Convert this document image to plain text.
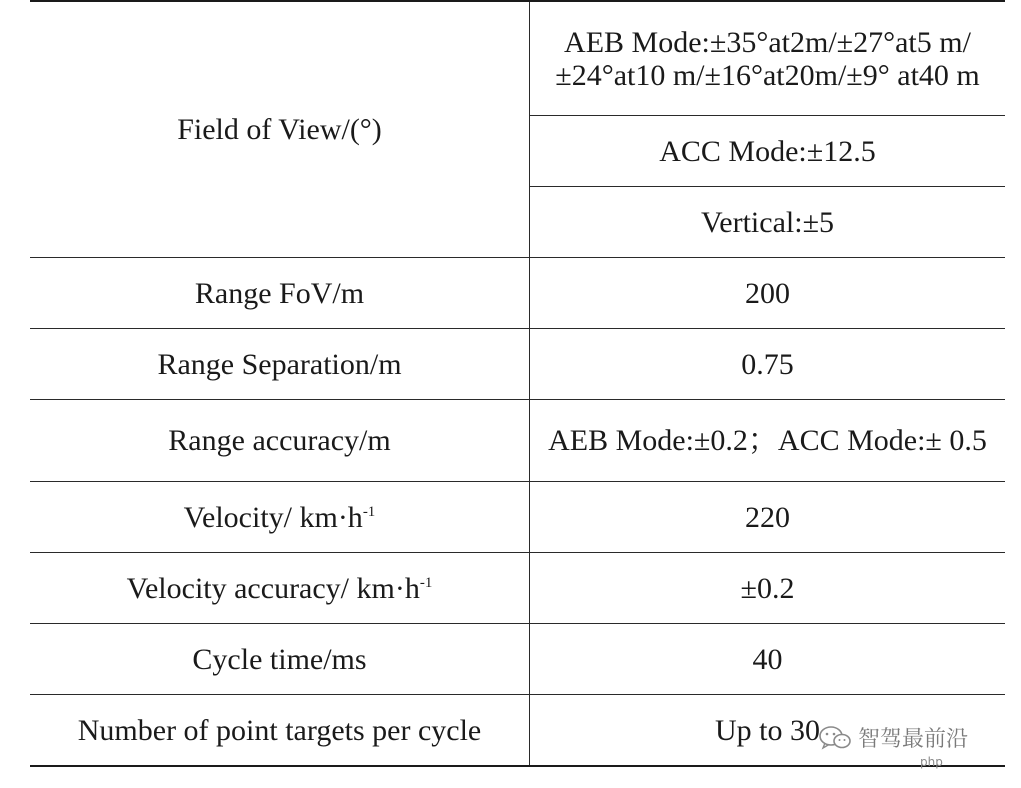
Field of View/(°)	AEB Mode:±35°at2m/±27°at5 m/±24°at10 m/±16°at20m/±9° at40 m
	ACC Mode:±12.5
	Vertical:±5
Range FoV/m	200
Range Separation/m	0.75
Range accuracy/m	AEB Mode:±0.2；ACC Mode:± 0.5
Velocity/ $km\cdot h^{-1}$	220
Velocity accuracy/ $km\cdot h^{-1}$	±0.2
Cycle time/ms	40
Number of point targets per cycle	Up to 30 智驾最前沿
php
